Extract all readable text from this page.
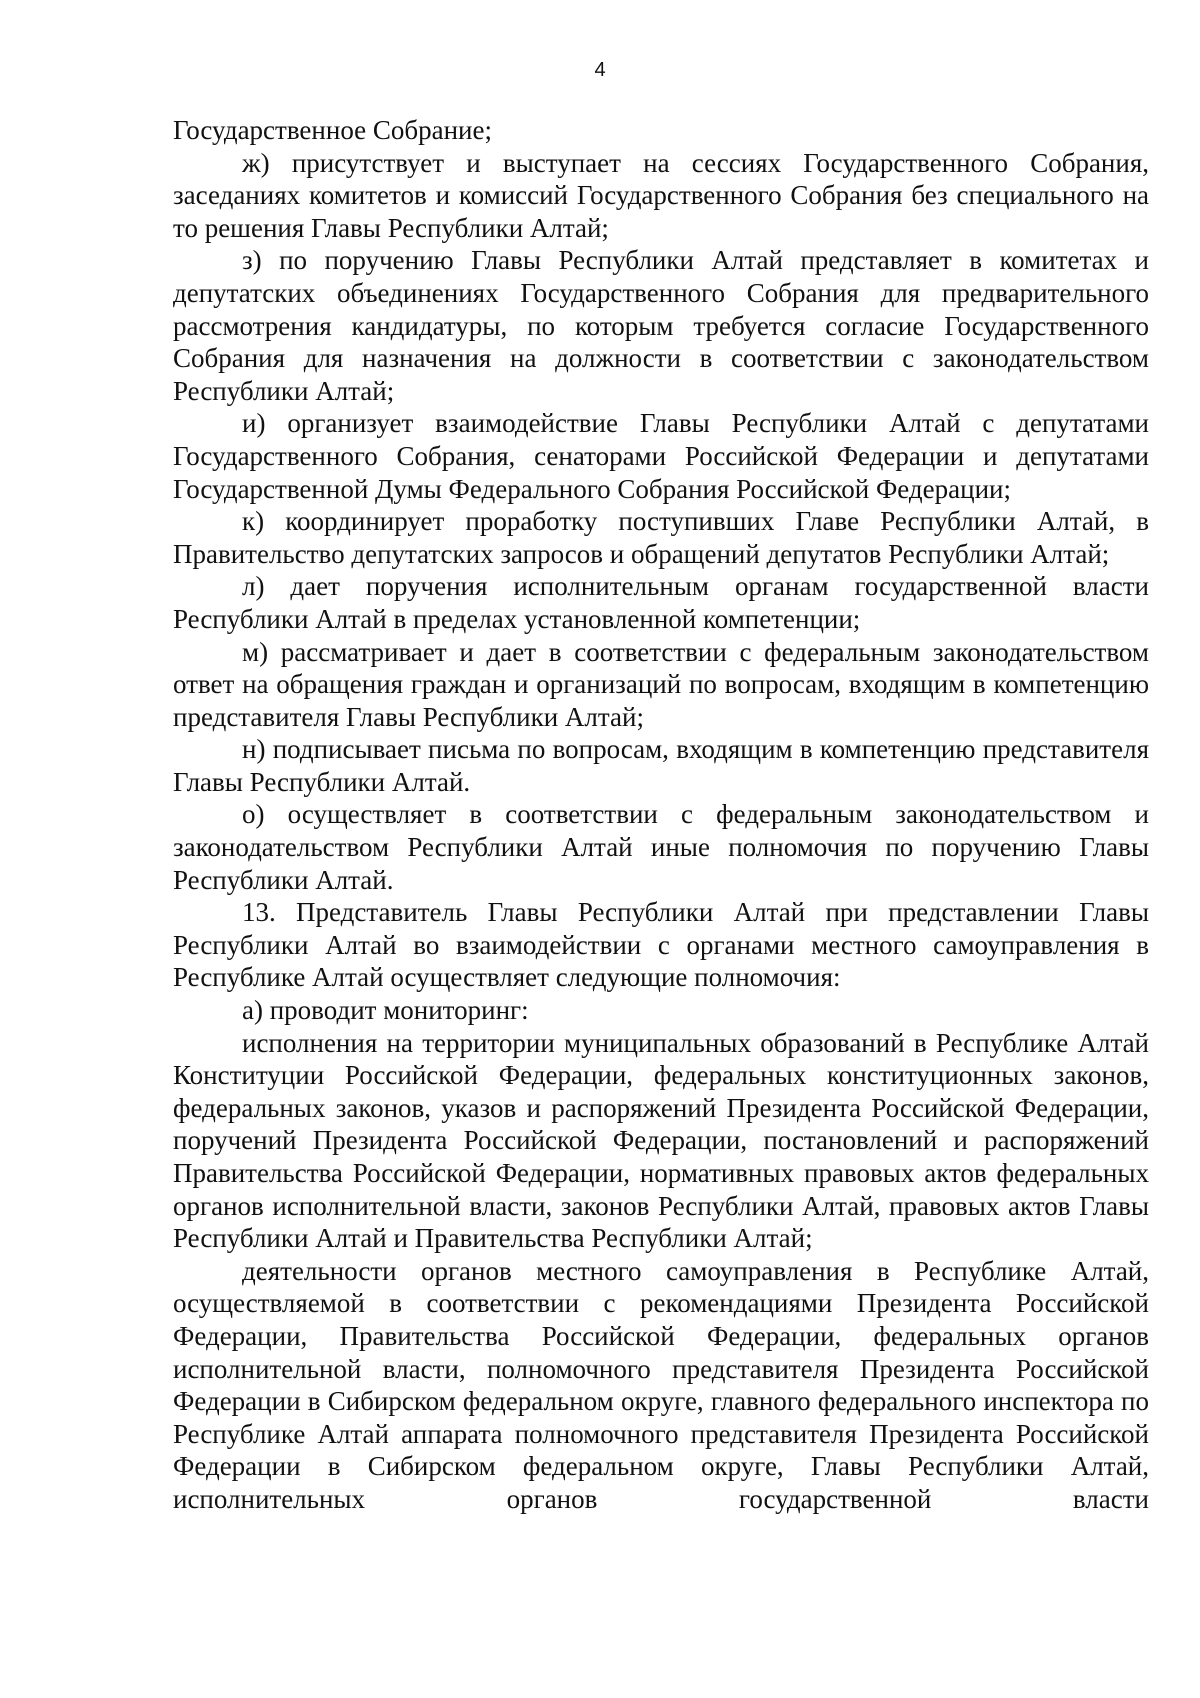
4

Государственное Собрание;

ж) присутствует и выступает на сессиях Государственного Собрания, заседаниях комитетов и комиссий Государственного Собрания без специального на то решения Главы Республики Алтай;

з) по поручению Главы Республики Алтай представляет в комитетах и депутатских объединениях Государственного Собрания для предварительного рассмотрения кандидатуры, по которым требуется согласие Государственного Собрания для назначения на должности в соответствии с законодательством Республики Алтай;

и) организует взаимодействие Главы Республики Алтай с депутатами Государственного Собрания, сенаторами Российской Федерации и депутатами Государственной Думы Федерального Собрания Российской Федерации;

к) координирует проработку поступивших Главе Республики Алтай, в Правительство депутатских запросов и обращений депутатов Республики Алтай;

л) дает поручения исполнительным органам государственной власти Республики Алтай в пределах установленной компетенции;

м) рассматривает и дает в соответствии с федеральным законодательством ответ на обращения граждан и организаций по вопросам, входящим в компетенцию представителя Главы Республики Алтай;

н) подписывает письма по вопросам, входящим в компетенцию представителя Главы Республики Алтай.

о) осуществляет в соответствии с федеральным законодательством и законодательством Республики Алтай иные полномочия по поручению Главы Республики Алтай.

13. Представитель Главы Республики Алтай при представлении Главы Республики Алтай во взаимодействии с органами местного самоуправления в Республике Алтай осуществляет следующие полномочия:

а) проводит мониторинг:

исполнения на территории муниципальных образований в Республике Алтай Конституции Российской Федерации, федеральных конституционных законов, федеральных законов, указов и распоряжений Президента Российской Федерации, поручений Президента Российской Федерации, постановлений и распоряжений Правительства Российской Федерации, нормативных правовых актов федеральных органов исполнительной власти, законов Республики Алтай, правовых актов Главы Республики Алтай и Правительства Республики Алтай;

деятельности органов местного самоуправления в Республике Алтай, осуществляемой в соответствии с рекомендациями Президента Российской Федерации, Правительства Российской Федерации, федеральных органов исполнительной власти, полномочного представителя Президента Российской Федерации в Сибирском федеральном округе, главного федерального инспектора по Республике Алтай аппарата полномочного представителя Президента Российской Федерации в Сибирском федеральном округе, Главы Республики Алтай, исполнительных органов государственной власти
